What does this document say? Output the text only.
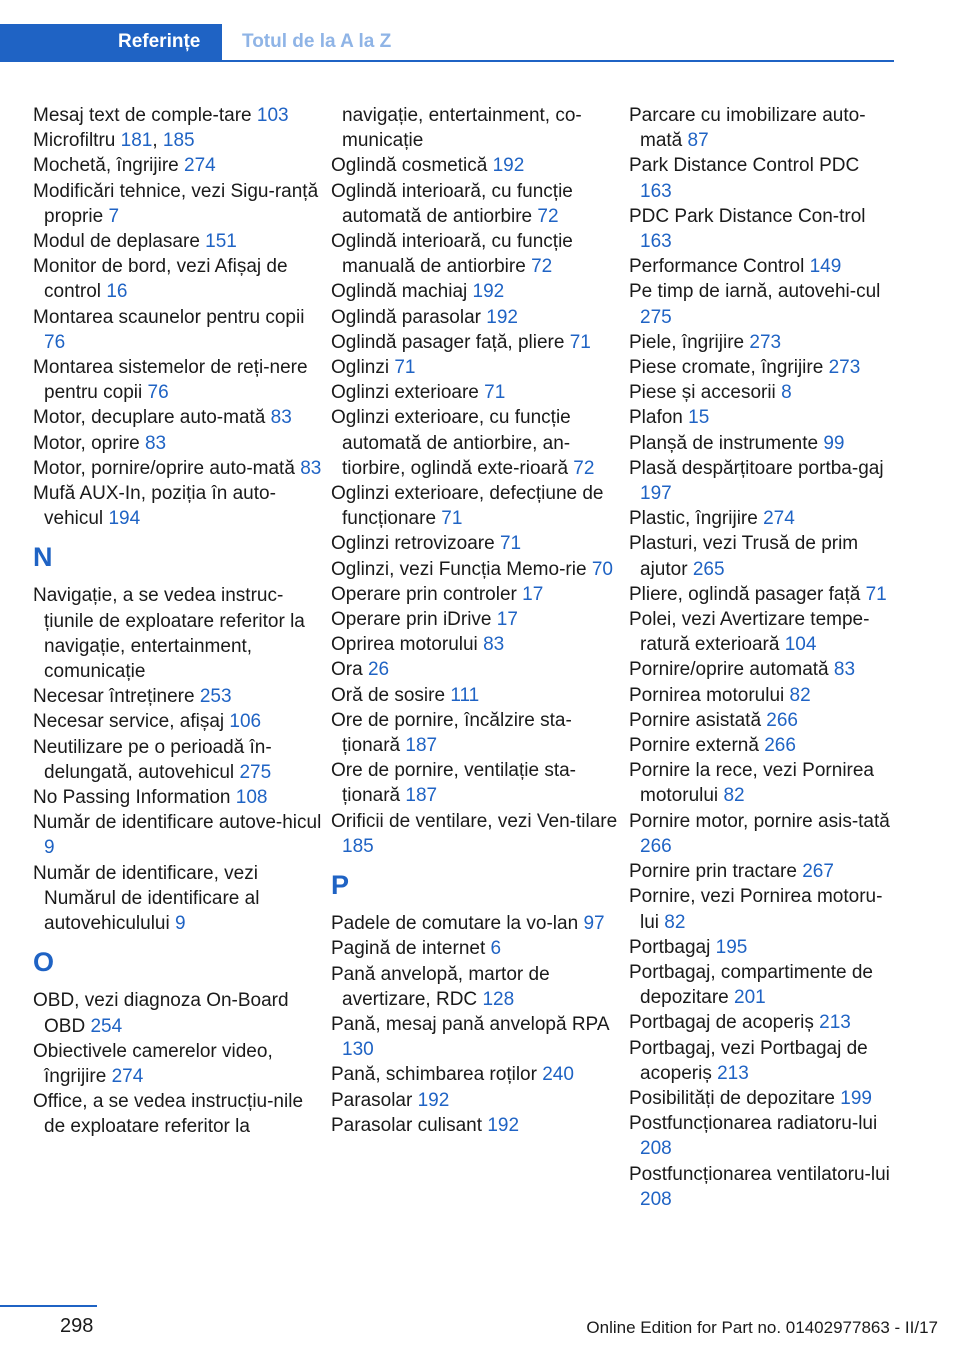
Referințe	Totul de la A la Z
Mesaj text de comple-tare 103
Microfiltru 181, 185
Mochetă, îngrijire 274
Modificări tehnice, vezi Sigu-ranță proprie 7
Modul de deplasare 151
Monitor de bord, vezi Afișaj de control 16
Montarea scaunelor pentru copii 76
Montarea sistemelor de reți-nere pentru copii 76
Motor, decuplare auto-mată 83
Motor, oprire 83
Motor, pornire/oprire auto-mată 83
Mufă AUX-In, poziția în auto-vehicul 194
N
Navigație, a se vedea instruc-țiunile de exploatare referitor la navigație, entertainment, comunicație
Necesar întreținere 253
Necesar service, afișaj 106
Neutilizare pe o perioadă în-delungată, autovehicul 275
No Passing Information 108
Număr de identificare autove-hicul 9
Număr de identificare, vezi Numărul de identificare al autovehiculului 9
O
OBD, vezi diagnoza On-Board OBD 254
Obiectivele camerelor video, îngrijire 274
Office, a se vedea instrucțiu-nile de exploatare referitor la
navigație, entertainment, co-municație
Oglindă cosmetică 192
Oglindă interioară, cu funcție automată de antiorbire 72
Oglindă interioară, cu funcție manuală de antiorbire 72
Oglindă machiaj 192
Oglindă parasolar 192
Oglindă pasager față, pliere 71
Oglinzi 71
Oglinzi exterioare 71
Oglinzi exterioare, cu funcție automată de antiorbire, an-tiorbire, oglindă exte-rioară 72
Oglinzi exterioare, defecțiune de funcționare 71
Oglinzi retrovizoare 71
Oglinzi, vezi Funcția Memo-rie 70
Operare prin controler 17
Operare prin iDrive 17
Oprirea motorului 83
Ora 26
Oră de sosire 111
Ore de pornire, încălzire sta-ționară 187
Ore de pornire, ventilație sta-ționară 187
Orificii de ventilare, vezi Ven-tilare 185
P
Padele de comutare la vo-lan 97
Pagină de internet 6
Pană anvelopă, martor de avertizare, RDC 128
Pană, mesaj pană anvelopă RPA 130
Pană, schimbarea roților 240
Parasolar 192
Parasolar culisant 192
Parcare cu imobilizare auto-mată 87
Park Distance Control PDC 163
PDC Park Distance Con-trol 163
Performance Control 149
Pe timp de iarnă, autovehi-cul 275
Piele, îngrijire 273
Piese cromate, îngrijire 273
Piese și accesorii 8
Plafon 15
Planșă de instrumente 99
Plasă despărțitoare portba-gaj 197
Plastic, îngrijire 274
Plasturi, vezi Trusă de prim ajutor 265
Pliere, oglindă pasager față 71
Polei, vezi Avertizare tempe-ratură exterioară 104
Pornire/oprire automată 83
Pornirea motorului 82
Pornire asistată 266
Pornire externă 266
Pornire la rece, vezi Pornirea motorului 82
Pornire motor, pornire asis-tată 266
Pornire prin tractare 267
Pornire, vezi Pornirea motoru-lui 82
Portbagaj 195
Portbagaj, compartimente de depozitare 201
Portbagaj de acoperiș 213
Portbagaj, vezi Portbagaj de acoperiș 213
Posibilități de depozitare 199
Postfuncționarea radiatoru-lui 208
Postfuncționarea ventilatoru-lui 208
298	Online Edition for Part no. 01402977863 - II/17
